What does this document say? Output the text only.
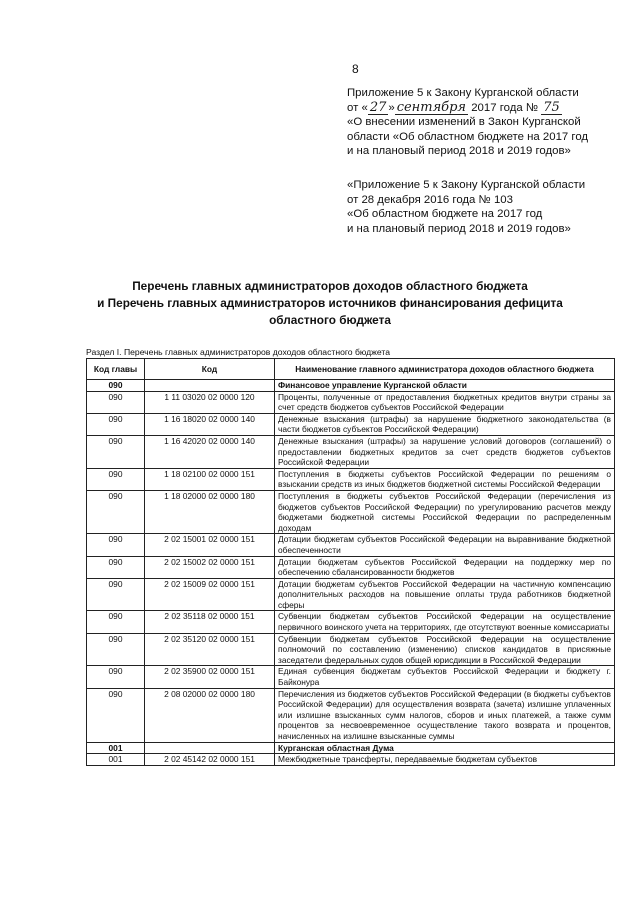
8
Приложение 5 к Закону Курганской области
от « 27 » сентября 2017 года № 75
«О внесении изменений в Закон Курганской
области «Об областном бюджете на 2017 год
и на плановый период 2018 и 2019 годов»
«Приложение 5 к Закону Курганской области
от 28 декабря 2016 года № 103
«Об областном бюджете на 2017 год
и на плановый период 2018 и 2019 годов»
Перечень главных администраторов доходов областного бюджета
и Перечень главных администраторов источников финансирования дефицита
областного бюджета
Раздел I. Перечень главных администраторов доходов областного бюджета
Код главы	Код	Наименование главного администратора доходов областного бюджета
090		Финансовое управление Курганской области
090	1 11 03020 02 0000 120	Проценты, полученные от предоставления бюджетных кредитов внутри страны за счет средств бюджетов субъектов Российской Федерации
090	1 16 18020 02 0000 140	Денежные взыскания (штрафы) за нарушение бюджетного законодательства (в части бюджетов субъектов Российской Федерации)
090	1 16 42020 02 0000 140	Денежные взыскания (штрафы) за нарушение условий договоров (соглашений) о предоставлении бюджетных кредитов за счет средств бюджетов субъектов Российской Федерации
090	1 18 02100 02 0000 151	Поступления в бюджеты субъектов Российской Федерации по решениям о взыскании средств из иных бюджетов бюджетной системы Российской Федерации
090	1 18 02000 02 0000 180	Поступления в бюджеты субъектов Российской Федерации (перечисления из бюджетов субъектов Российской Федерации) по урегулированию расчетов между бюджетами бюджетной системы Российской Федерации по распределенным доходам
090	2 02 15001 02 0000 151	Дотации бюджетам субъектов Российской Федерации на выравнивание бюджетной обеспеченности
090	2 02 15002 02 0000 151	Дотации бюджетам субъектов Российской Федерации на поддержку мер по обеспечению сбалансированности бюджетов
090	2 02 15009 02 0000 151	Дотации бюджетам субъектов Российской Федерации на частичную компенсацию дополнительных расходов на повышение оплаты труда работников бюджетной сферы
090	2 02 35118 02 0000 151	Субвенции бюджетам субъектов Российской Федерации на осуществление первичного воинского учета на территориях, где отсутствуют военные комиссариаты
090	2 02 35120 02 0000 151	Субвенции бюджетам субъектов Российской Федерации на осуществление полномочий по составлению (изменению) списков кандидатов в присяжные заседатели федеральных судов общей юрисдикции в Российской Федерации
090	2 02 35900 02 0000 151	Единая субвенция бюджетам субъектов Российской Федерации и бюджету г. Байконура
090	2 08 02000 02 0000 180	Перечисления из бюджетов субъектов Российской Федерации (в бюджеты субъектов Российской Федерации) для осуществления возврата (зачета) излишне уплаченных или излишне взысканных сумм налогов, сборов и иных платежей, а также сумм процентов за несвоевременное осуществление такого возврата и процентов, начисленных на излишне взысканные суммы
001		Курганская областная Дума
001	2 02 45142 02 0000 151	Межбюджетные трансферты, передаваемые бюджетам субъектов
